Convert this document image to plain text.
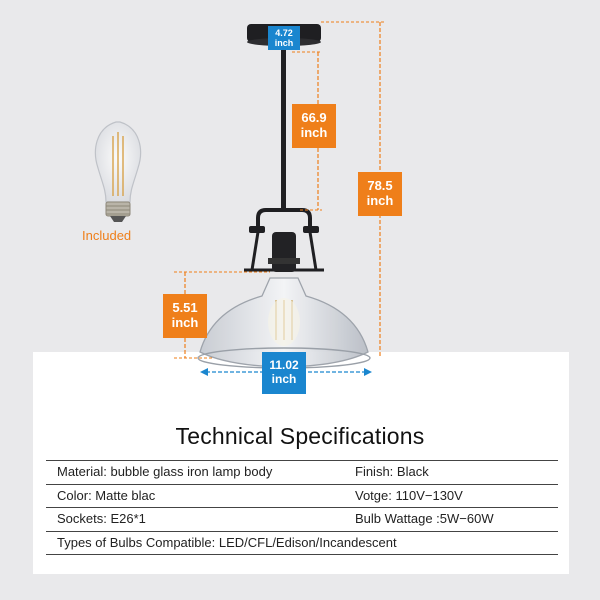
4.72
inch
66.9
inch
78.5
inch
5.51
inch
11.02
inch
Included
Technical Specifications
Material: bubble glass iron lamp body	Finish: Black
Color: Matte blac	Votge: 110V−130V
Sockets: E26*1	Bulb Wattage :5W−60W
Types of Bulbs Compatible: LED/CFL/Edison/Incandescent
